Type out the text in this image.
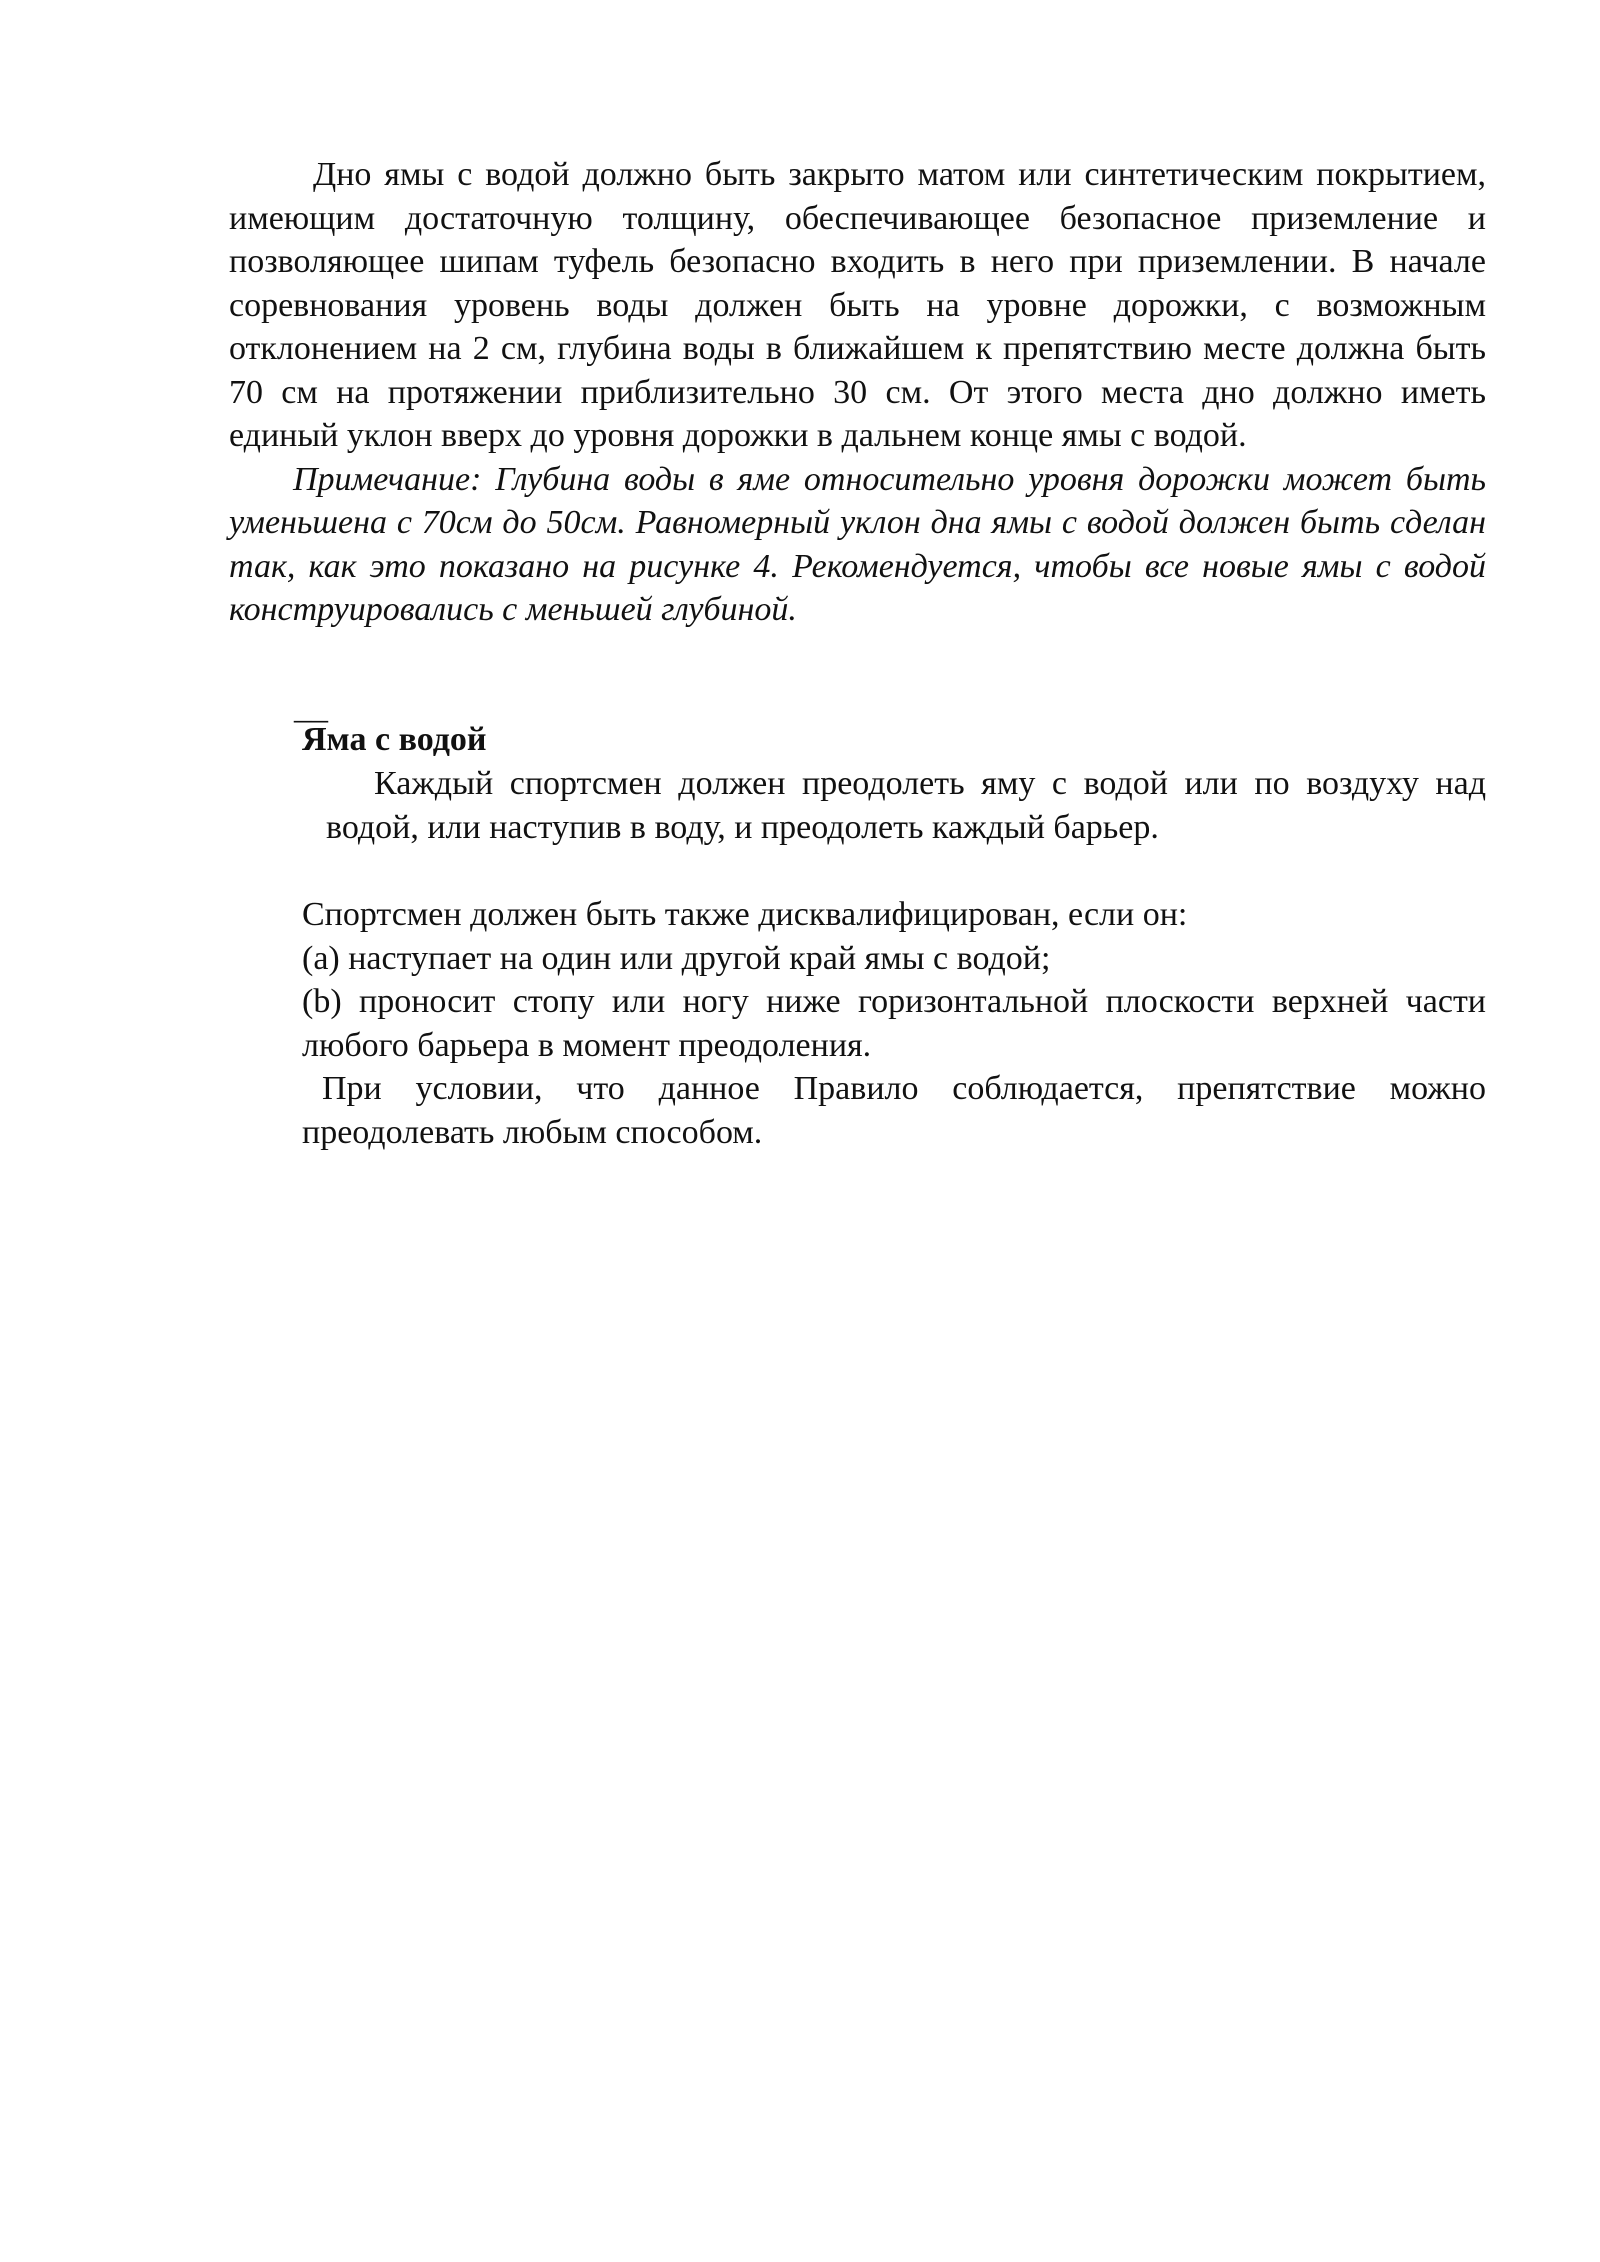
Дно ямы с водой должно быть закрыто матом или синтетическим покрытием, имеющим достаточную толщину, обеспечивающее безопасное приземление и позволяющее шипам туфель безопасно входить в него при приземлении. В начале соревнования уровень воды должен быть на уровне дорожки, с возможным отклонением на 2 см, глубина воды в ближайшем к препятствию месте должна быть 70 см на протяжении приблизительно 30 см. От этого места дно должно иметь единый уклон вверх до уровня дорожки в дальнем конце ямы с водой.

Примечание: Глубина воды в яме относительно уровня дорожки может быть уменьшена с 70см до 50см. Равномерный уклон дна ямы с водой должен быть сделан так, как это показано на рисунке 4. Рекомендуется, чтобы все новые ямы с водой конструировались с меньшей глубиной.

__

Яма с водой

Каждый спортсмен должен преодолеть яму с водой или по воздуху над водой, или наступив в воду, и преодолеть каждый барьер.

Спортсмен должен быть также дисквалифицирован, если он:

(a) наступает на один или другой край ямы с водой;

(b) проносит стопу или ногу ниже горизонтальной плоскости верхней части любого барьера в момент преодоления.

При условии, что данное Правило соблюдается, препятствие можно преодолевать любым способом.
